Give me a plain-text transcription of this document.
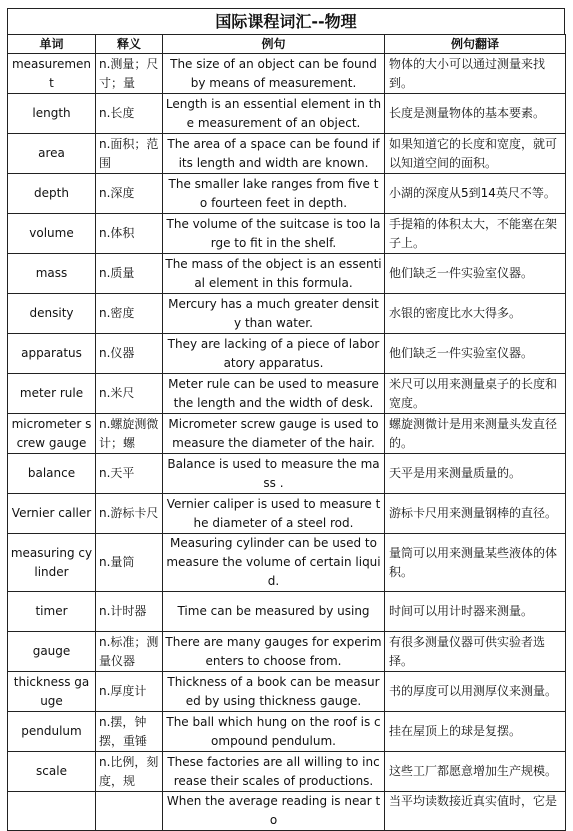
国际课程词汇--物理
单词	释义	例句	例句翻译
measurement	n.测量；尺寸；量	The size of an object can be found by means of measurement.	物体的大小可以通过测量来找到。
length	n.长度	Length is an essential element in the measurement of an object.	长度是测量物体的基本要素。
area	n.面积；范围	The area of a space can be found if its length and width are known.	如果知道它的长度和宽度，就可以知道空间的面积。
depth	n.深度	The smaller lake ranges from five to fourteen feet in depth.	小湖的深度从5到14英尺不等。
volume	n.体积	The volume of the suitcase is too large to fit in the shelf.	手提箱的体积太大，不能塞在架子上。
mass	n.质量	The mass of the object is an essential element in this formula.	他们缺乏一件实验室仪器。
density	n.密度	Mercury has a much greater density than water.	水银的密度比水大得多。
apparatus	n.仪器	They are lacking of a piece of laboratory apparatus.	他们缺乏一件实验室仪器。
meter rule	n.米尺	Meter rule can be used to measure the length and the width of desk.	米尺可以用来测量桌子的长度和宽度。
micrometer screw gauge	n.螺旋测微计；螺	Micrometer screw gauge is used to measure the diameter of the hair.	螺旋测微计是用来测量头发直径的。
balance	n.天平	Balance is used to measure the mass .	天平是用来测量质量的。
Vernier caller	n.游标卡尺	Vernier caliper is used to measure the diameter of a steel rod.	游标卡尺用来测量钢棒的直径。
measuring cylinder	n.量筒	Measuring cylinder can be used to measure the volume of certain liquid.	量筒可以用来测量某些液体的体积。
timer	n.计时器	Time can be measured by using	时间可以用计时器来测量。
gauge	n.标准；测量仪器	There are many gauges for experimenters to choose from.	有很多测量仪器可供实验者选择。
thickness gauge	n.厚度计	Thickness of a book can be measured by using thickness gauge.	书的厚度可以用测厚仪来测量。
pendulum	n.摆，钟摆，重锤	The ball which hung on the roof is compound pendulum.	挂在屋顶上的球是复摆。
scale	n.比例，刻度，规	These factories are all willing to increase their scales of productions.	这些工厂都愿意增加生产规模。
		When the average reading is near to	当平均读数接近真实值时，它是
